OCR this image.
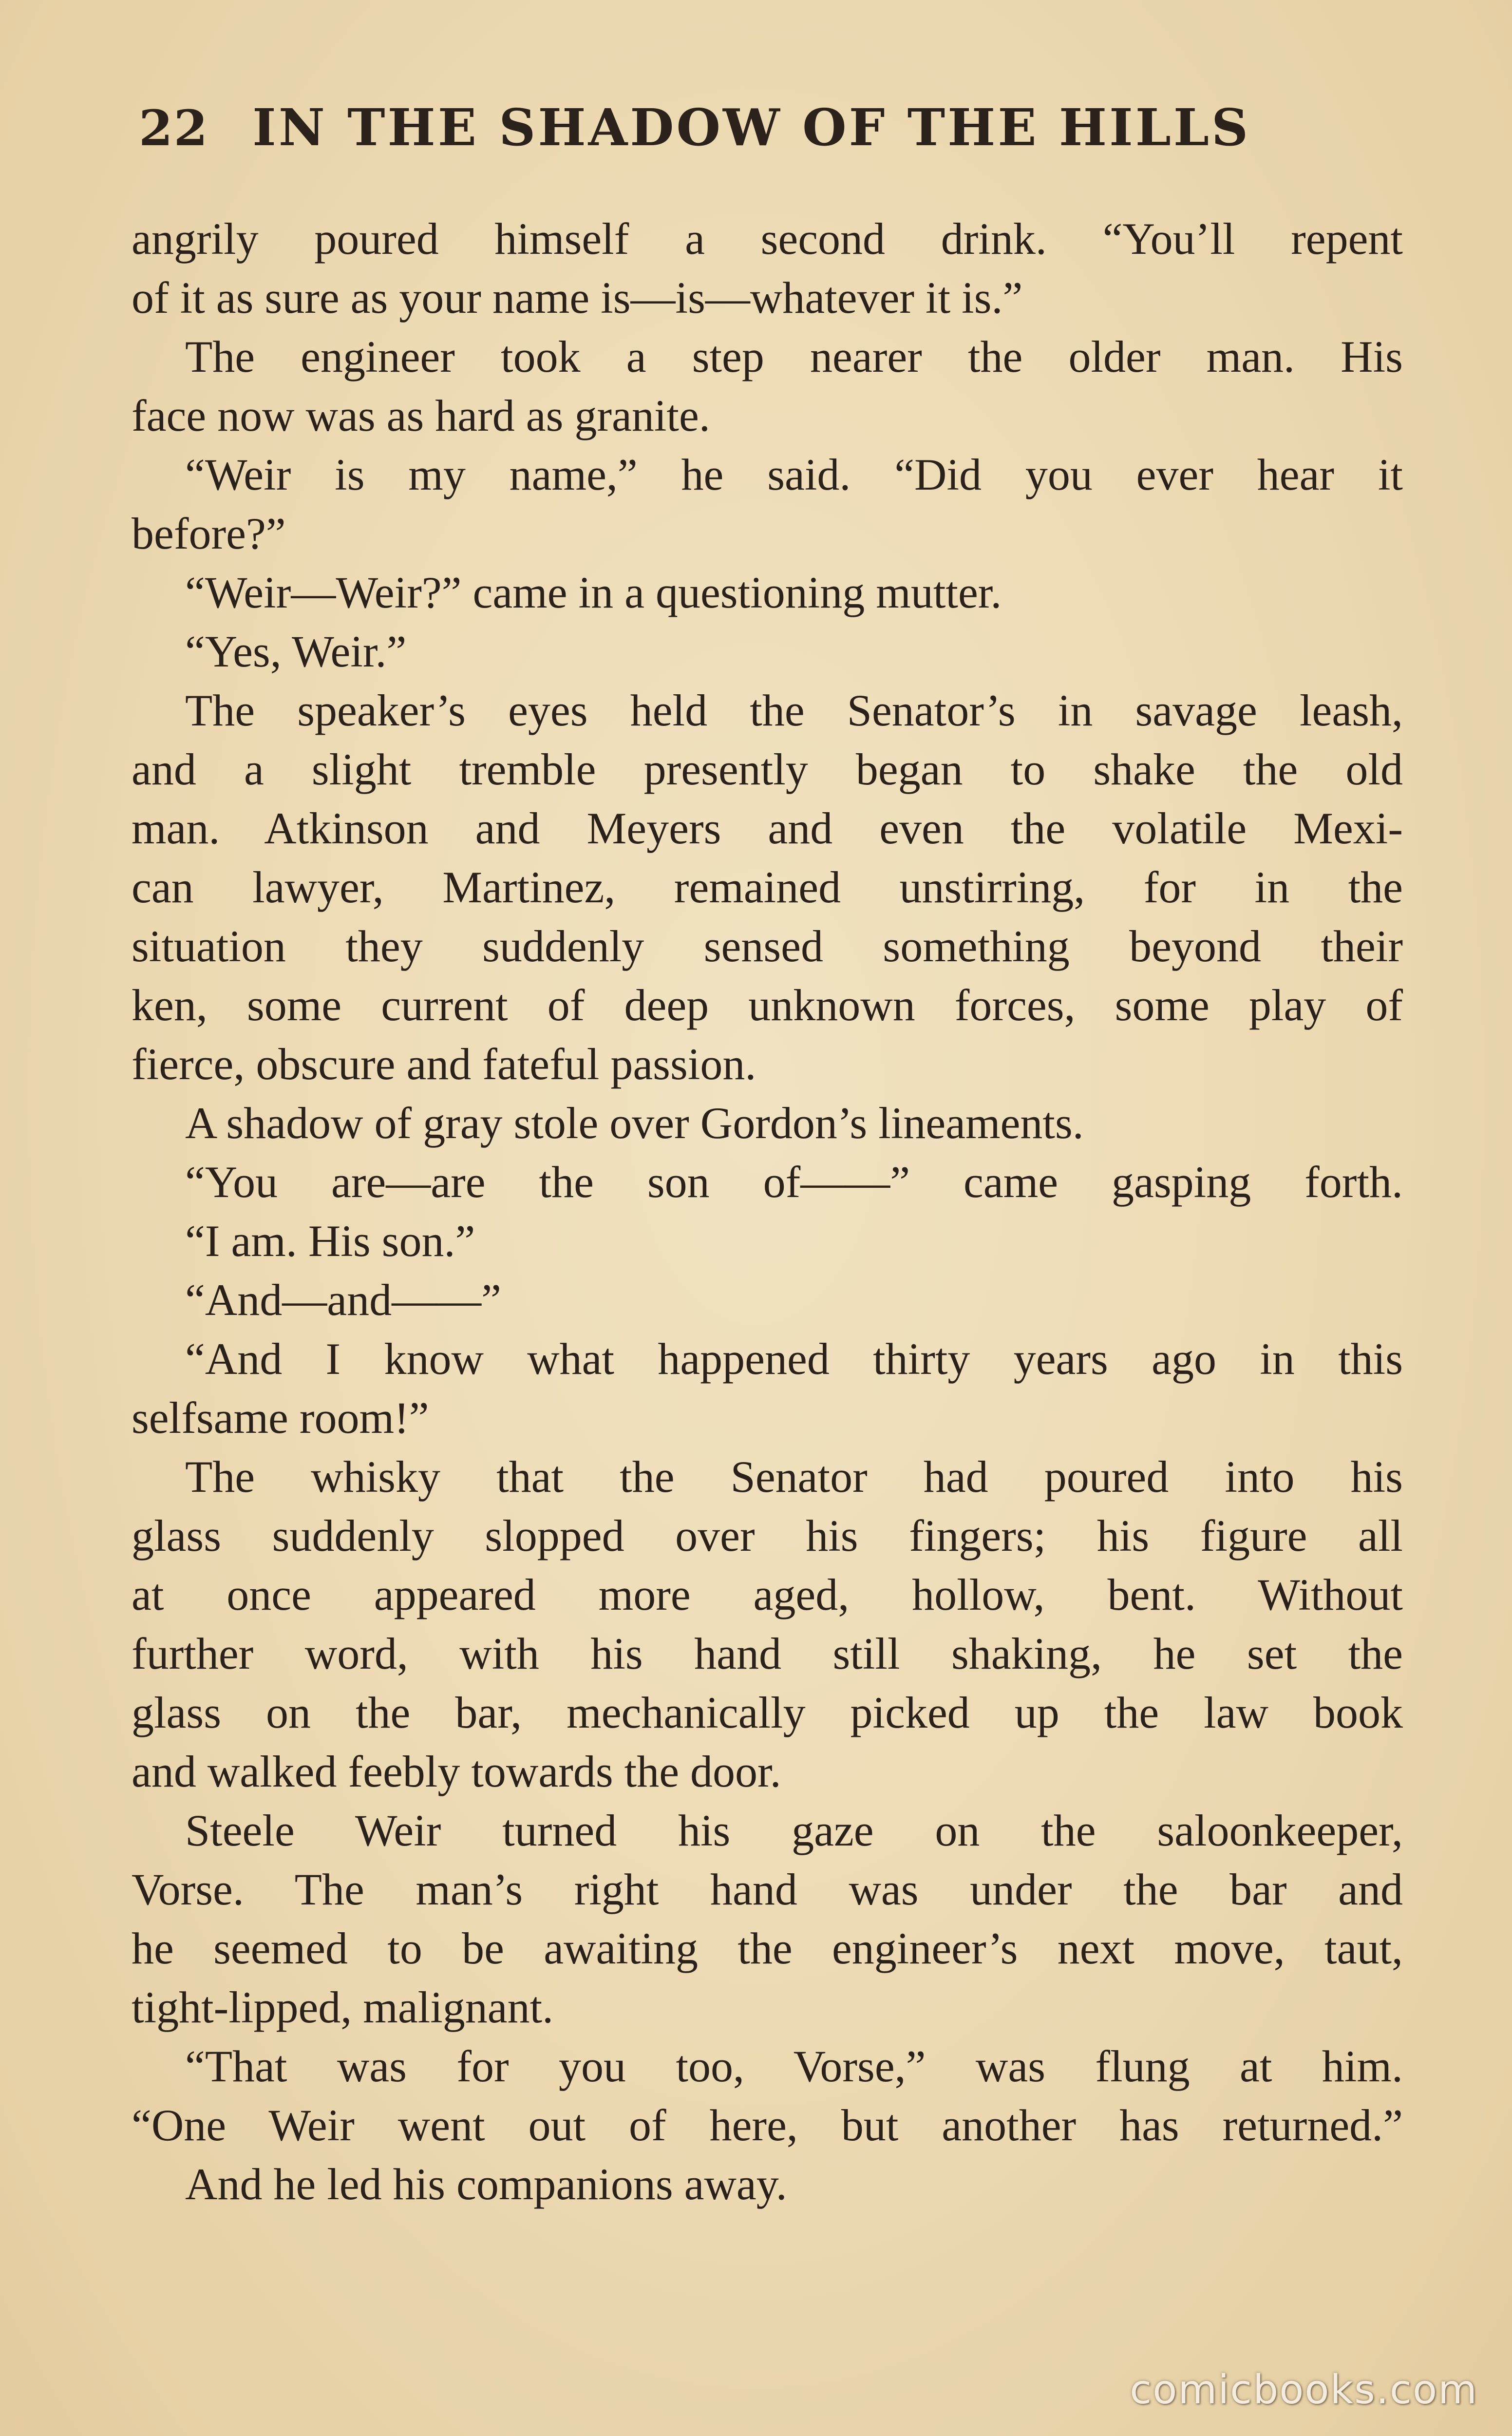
22 IN THE SHADOW OF THE HILLS
angrily poured himself a second drink. “You’ll repent
of it as sure as your name is—is—whatever it is.”
The engineer took a step nearer the older man. His
face now was as hard as granite.
“Weir is my name,” he said. “Did you ever hear it
before?”
“Weir—Weir?” came in a questioning mutter.
“Yes, Weir.”
The speaker’s eyes held the Senator’s in savage leash,
and a slight tremble presently began to shake the old
man. Atkinson and Meyers and even the volatile Mexi-
can lawyer, Martinez, remained unstirring, for in the
situation they suddenly sensed something beyond their
ken, some current of deep unknown forces, some play of
fierce, obscure and fateful passion.
A shadow of gray stole over Gordon’s lineaments.
“You are—are the son of——” came gasping forth.
“I am. His son.”
“And—and——”
“And I know what happened thirty years ago in this
selfsame room!”
The whisky that the Senator had poured into his
glass suddenly slopped over his fingers; his figure all
at once appeared more aged, hollow, bent. Without
further word, with his hand still shaking, he set the
glass on the bar, mechanically picked up the law book
and walked feebly towards the door.
Steele Weir turned his gaze on the saloonkeeper,
Vorse. The man’s right hand was under the bar and
he seemed to be awaiting the engineer’s next move, taut,
tight-lipped, malignant.
“That was for you too, Vorse,” was flung at him.
“One Weir went out of here, but another has returned.”
And he led his companions away.
comicbooks.com
